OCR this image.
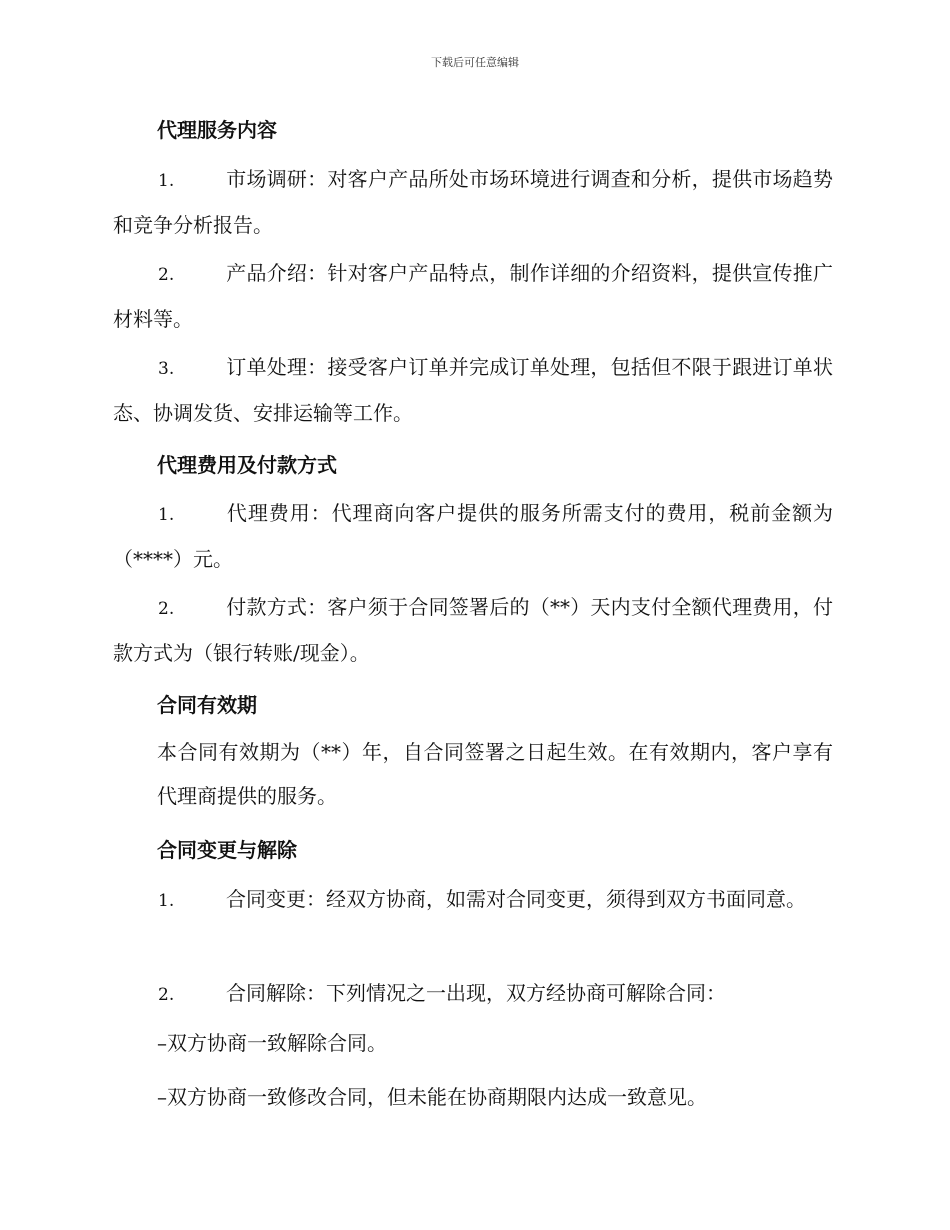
下载后可任意编辑
代理服务内容
1.	市场调研：对客户产品所处市场环境进行调查和分析，提供市场趋势和竞争分析报告。
2.	产品介绍：针对客户产品特点，制作详细的介绍资料，提供宣传推广材料等。
3.	订单处理：接受客户订单并完成订单处理，包括但不限于跟进订单状态、协调发货、安排运输等工作。
代理费用及付款方式
1.	代理费用：代理商向客户提供的服务所需支付的费用，税前金额为（****）元。
2.	付款方式：客户须于合同签署后的（**）天内支付全额代理费用，付款方式为（银行转账/现金）。
合同有效期
本合同有效期为（**）年，自合同签署之日起生效。在有效期内，客户享有代理商提供的服务。
合同变更与解除
1.	合同变更：经双方协商，如需对合同变更，须得到双方书面同意。
2.	合同解除：下列情况之一出现，双方经协商可解除合同：
–双方协商一致解除合同。
–双方协商一致修改合同，但未能在协商期限内达成一致意见。
